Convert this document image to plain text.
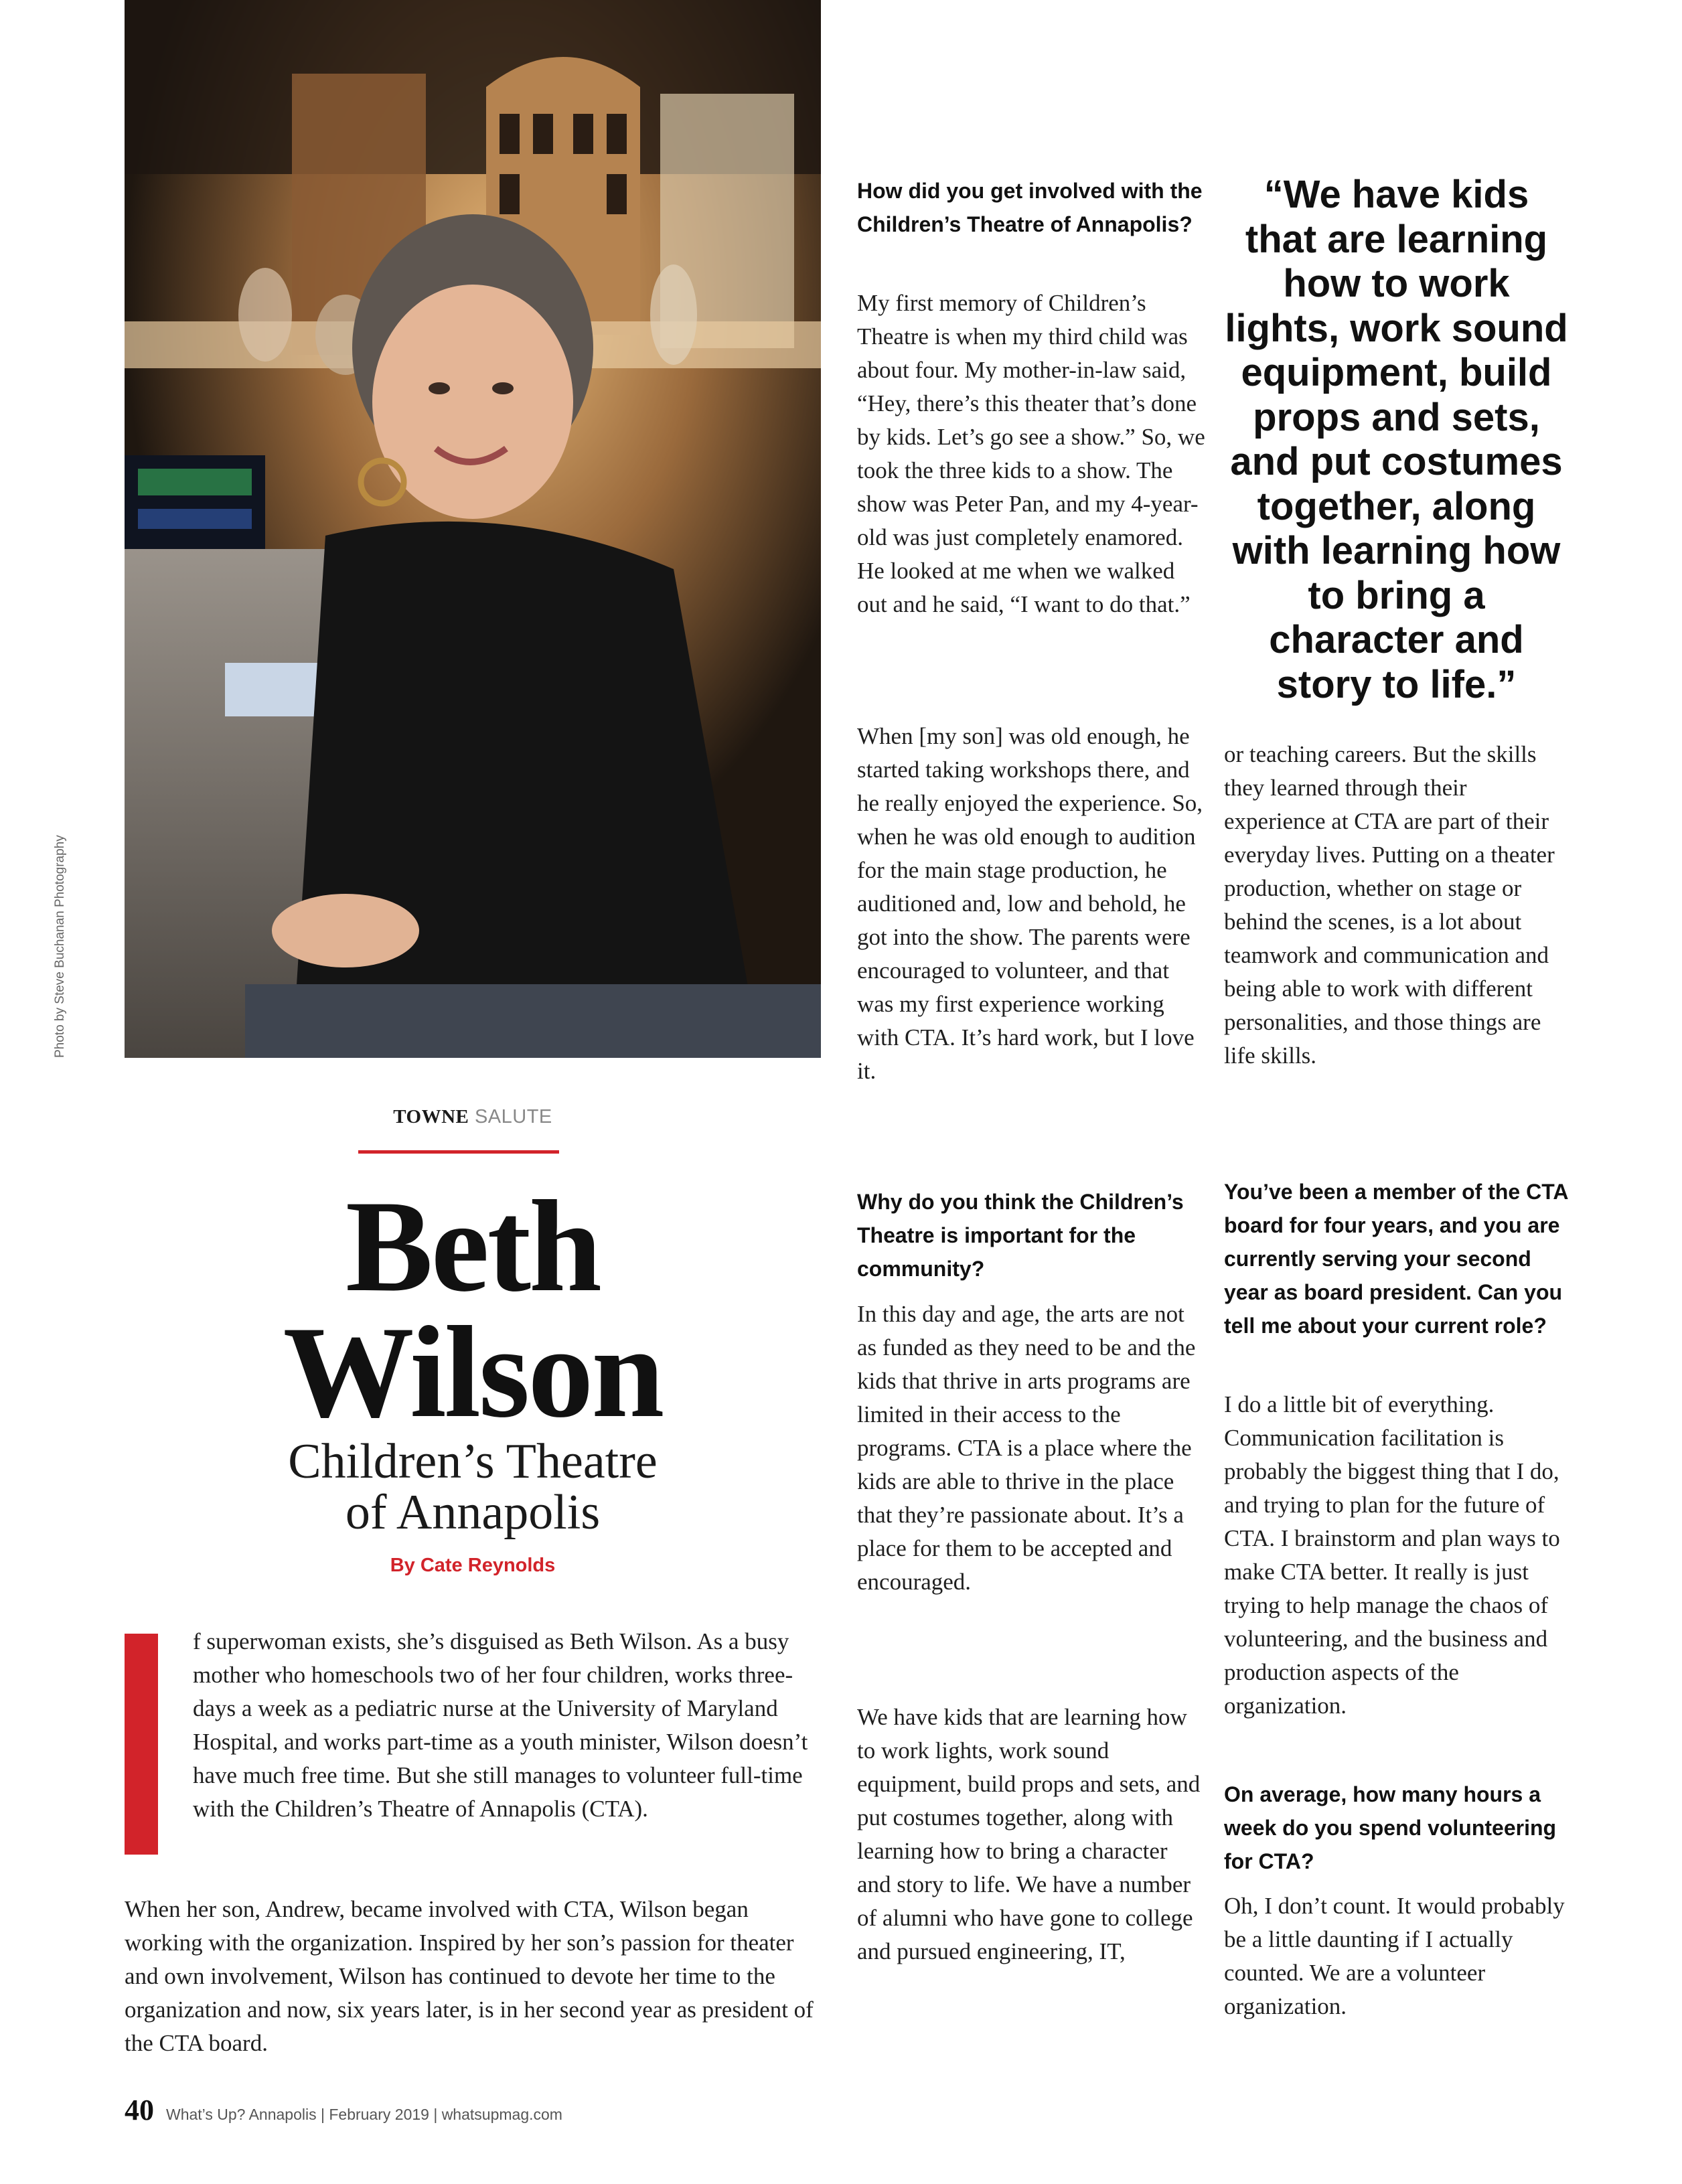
Photo by Steve Buchanan Photography
TOWNE SALUTE
Beth
Wilson
Children’s Theatre
of Annapolis
By Cate Reynolds

f superwoman exists, she’s disguised as Beth Wilson. As a busy mother who homeschools two of her four children, works three-days a week as a pediatric nurse at the University of Maryland Hospital, and works part-time as a youth minister, Wilson doesn’t have much free time. But she still manages to volunteer full-time with the Children’s Theatre of Annapolis (CTA).

When her son, Andrew, became involved with CTA, Wilson began working with the organization. Inspired by her son’s passion for theater and own involvement, Wilson has continued to devote her time to the organization and now, six years later, is in her second year as president of the CTA board.

How did you get involved with the Children’s Theatre of Annapolis?

My first memory of Children’s Theatre is when my third child was about four. My mother-in-law said, “Hey, there’s this theater that’s done by kids. Let’s go see a show.” So, we took the three kids to a show. The show was Peter Pan, and my 4-year-old was just completely enamored. He looked at me when we walked out and he said, “I want to do that.”

When [my son] was old enough, he started taking workshops there, and he really enjoyed the experience. So, when he was old enough to audition for the main stage production, he auditioned and, low and behold, he got into the show. The parents were encouraged to volunteer, and that was my first experience working with CTA. It’s hard work, but I love it.

Why do you think the Children’s Theatre is important for the community?

In this day and age, the arts are not as funded as they need to be and the kids that thrive in arts programs are limited in their access to the programs. CTA is a place where the kids are able to thrive in the place that they’re passionate about. It’s a place for them to be accepted and encouraged.

We have kids that are learning how to work lights, work sound equipment, build props and sets, and put costumes together, along with learning how to bring a character and story to life. We have a number of alumni who have gone to college and pursued engineering, IT,

“We have kids that are learning how to work lights, work sound equipment, build props and sets, and put costumes together, along with learning how to bring a character and story to life.”

or teaching careers. But the skills they learned through their experience at CTA are part of their everyday lives. Putting on a theater production, whether on stage or behind the scenes, is a lot about teamwork and communication and being able to work with different personalities, and those things are life skills.

You’ve been a member of the CTA board for four years, and you are currently serving your second year as board president. Can you tell me about your current role?

I do a little bit of everything. Communication facilitation is probably the biggest thing that I do, and trying to plan for the future of CTA. I brainstorm and plan ways to make CTA better. It really is just trying to help manage the chaos of volunteering, and the business and production aspects of the organization.

On average, how many hours a week do you spend volunteering for CTA?

Oh, I don’t count. It would probably be a little daunting if I actually counted. We are a volunteer organization.

40 What’s Up? Annapolis | February 2019 | whatsupmag.com
